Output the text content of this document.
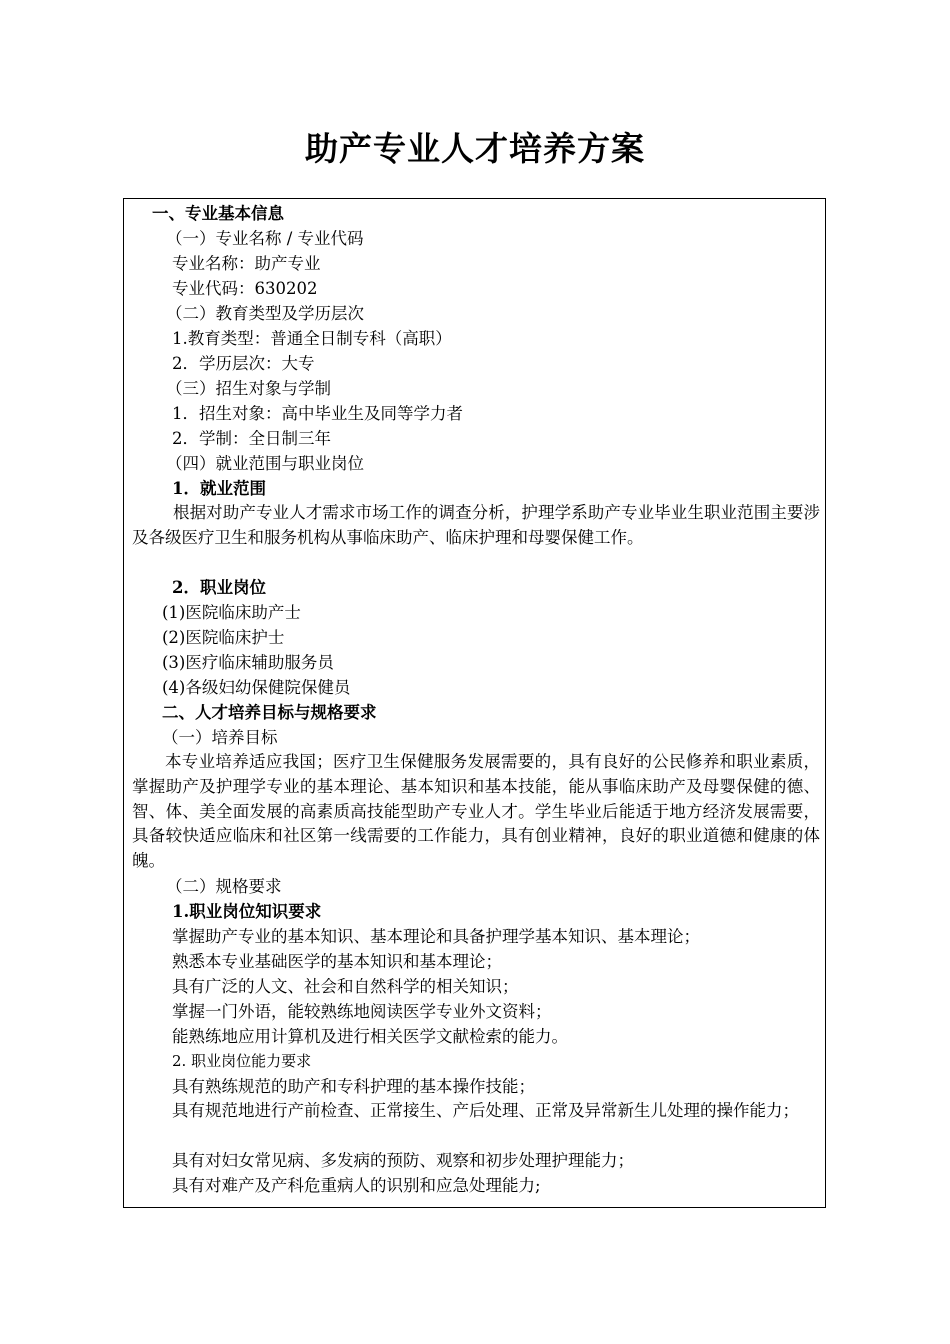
助产专业人才培养方案
一、专业基本信息
（一）专业名称 / 专业代码
专业名称：助产专业
专业代码：630202
（二）教育类型及学历层次
1.教育类型：普通全日制专科（高职）
2．学历层次：大专
（三）招生对象与学制
1．招生对象：高中毕业生及同等学力者
2．学制：全日制三年
（四）就业范围与职业岗位
1．就业范围

根据对助产专业人才需求市场工作的调查分析，护理学系助产专业毕业生职业范围主要涉及各级医疗卫生和服务机构从事临床助产、临床护理和母婴保健工作。

2．职业岗位
(1)医院临床助产士
(2)医院临床护士
(3)医疗临床辅助服务员
(4)各级妇幼保健院保健员
二、人才培养目标与规格要求
（一）培养目标

本专业培养适应我国；医疗卫生保健服务发展需要的，具有良好的公民修养和职业素质，掌握助产及护理学专业的基本理论、基本知识和基本技能，能从事临床助产及母婴保健的德、智、体、美全面发展的高素质高技能型助产专业人才。学生毕业后能适于地方经济发展需要，具备较快适应临床和社区第一线需要的工作能力，具有创业精神，良好的职业道德和健康的体魄。

（二）规格要求
1.职业岗位知识要求
掌握助产专业的基本知识、基本理论和具备护理学基本知识、基本理论；
熟悉本专业基础医学的基本知识和基本理论；
具有广泛的人文、社会和自然科学的相关知识；
掌握一门外语，能较熟练地阅读医学专业外文资料；
能熟练地应用计算机及进行相关医学文献检索的能力。
2. 职业岗位能力要求
具有熟练规范的助产和专科护理的基本操作技能；

具有规范地进行产前检查、正常接生、产后处理、正常及异常新生儿处理的操作能力；

具有对妇女常见病、多发病的预防、观察和初步处理护理能力；
具有对难产及产科危重病人的识别和应急处理能力;
